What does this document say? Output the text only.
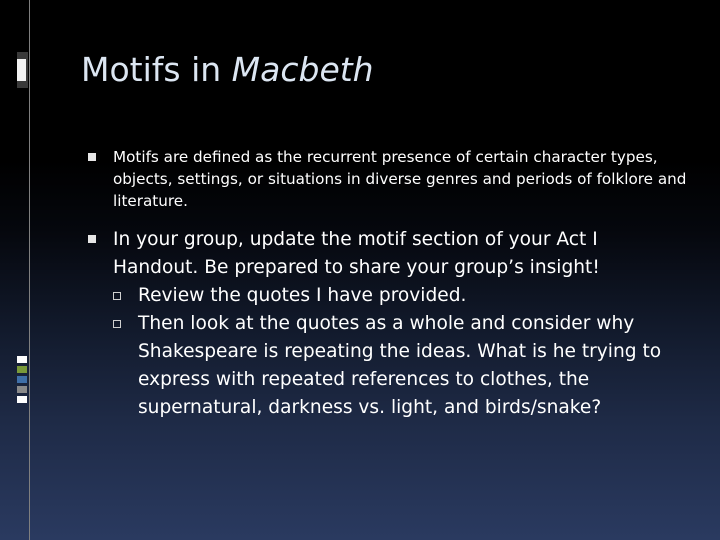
Motifs in Macbeth
Motifs are defined as the recurrent presence of certain character types, objects, settings, or situations in diverse genres and periods of folklore and literature.
In your group, update the motif section of your Act I Handout. Be prepared to share your group’s insight!
Review the quotes I have provided.
Then look at the quotes as a whole and consider why Shakespeare is repeating the ideas. What is he trying to express with repeated references to clothes, the supernatural, darkness vs. light, and birds/snake?
